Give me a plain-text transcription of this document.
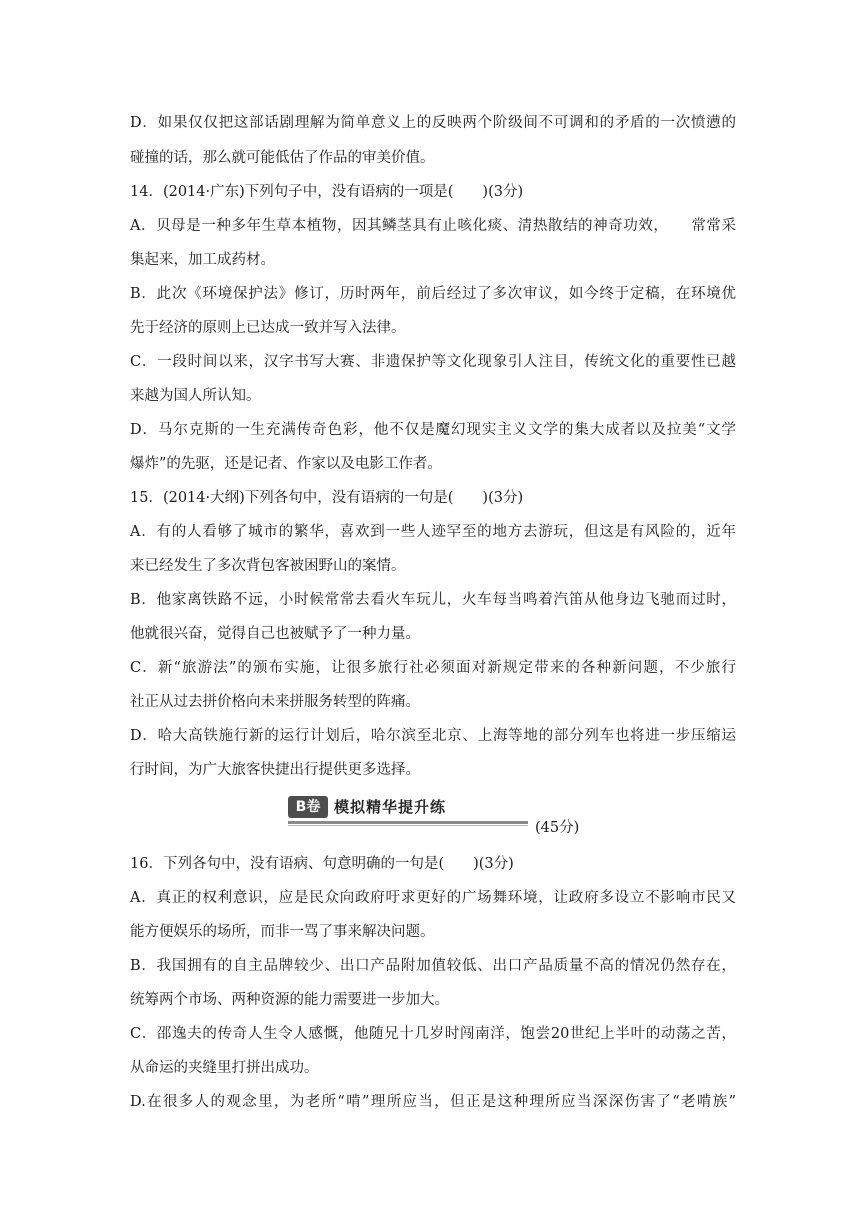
D．如果仅仅把这部话剧理解为简单意义上的反映两个阶级间不可调和的矛盾的一次愤懑的
碰撞的话，那么就可能低估了作品的审美价值。
14．(2014·广东)下列句子中，没有语病的一项是(　　)(3分)
A．贝母是一种多年生草本植物，因其鳞茎具有止咳化痰、清热散结的神奇功效，　　常常采
集起来，加工成药材。
B．此次《环境保护法》修订，历时两年，前后经过了多次审议，如今终于定稿，在环境优
先于经济的原则上已达成一致并写入法律。
C．一段时间以来，汉字书写大赛、非遗保护等文化现象引人注目，传统文化的重要性已越
来越为国人所认知。
D．马尔克斯的一生充满传奇色彩，他不仅是魔幻现实主义文学的集大成者以及拉美“文学
爆炸”的先驱，还是记者、作家以及电影工作者。
15．(2014·大纲)下列各句中，没有语病的一句是(　　)(3分)
A．有的人看够了城市的繁华，喜欢到一些人迹罕至的地方去游玩，但这是有风险的，近年
来已经发生了多次背包客被困野山的案情。
B．他家离铁路不远，小时候常常去看火车玩儿，火车每当鸣着汽笛从他身边飞驰而过时，
他就很兴奋，觉得自己也被赋予了一种力量。
C．新“旅游法”的颁布实施，让很多旅行社必须面对新规定带来的各种新问题，不少旅行
社正从过去拼价格向未来拼服务转型的阵痛。
D．哈大高铁施行新的运行计划后，哈尔滨至北京、上海等地的部分列车也将进一步压缩运
行时间，为广大旅客快捷出行提供更多选择。
B卷 模拟精华提升练
(45分)
16．下列各句中，没有语病、句意明确的一句是(　　)(3分)
A．真正的权利意识，应是民众向政府吁求更好的广场舞环境，让政府多设立不影响市民又
能方便娱乐的场所，而非一骂了事来解决问题。
B．我国拥有的自主品牌较少、出口产品附加值较低、出口产品质量不高的情况仍然存在，
统筹两个市场、两种资源的能力需要进一步加大。
C．邵逸夫的传奇人生令人感慨，他随兄十几岁时闯南洋，饱尝20世纪上半叶的动荡之苦，
从命运的夹缝里打拼出成功。
D.在很多人的观念里，为老所“啃”理所应当，但正是这种理所应当深深伤害了“老啃族”
